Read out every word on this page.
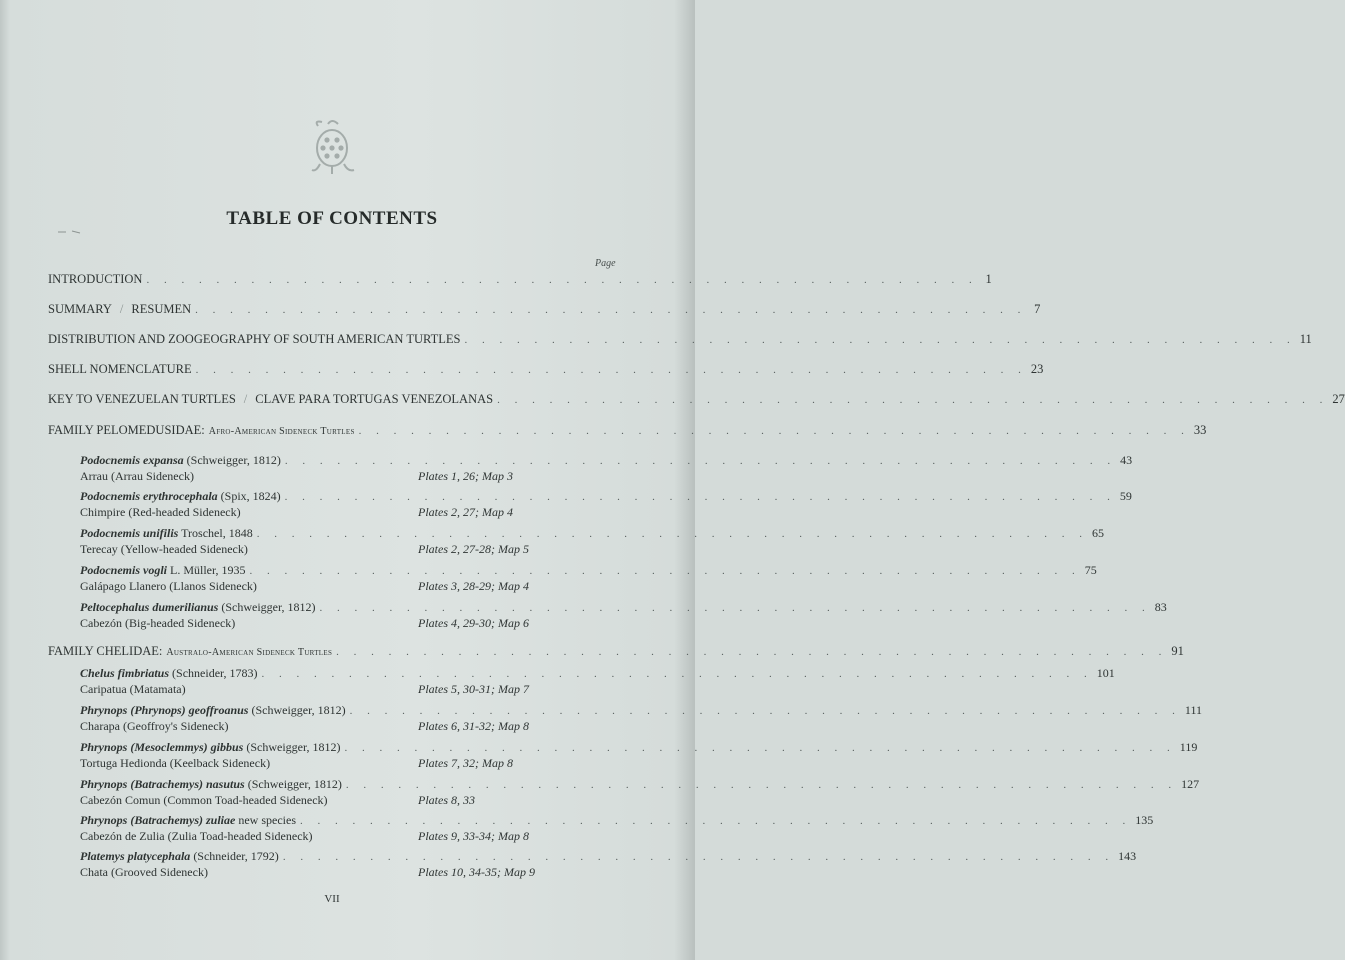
TABLE OF CONTENTS
Page
INTRODUCTION . . . . . . . . . . . . . . . . . . . . . . . . . . . . . . . . . . . . . . . . . . . . . . . . 1
SUMMARY / RESUMEN . . . . . . . . . . . . . . . . . . . . . . . . . . . . . . . . . . . . . . . . . . . . . . . . 7
DISTRIBUTION AND ZOOGEOGRAPHY OF SOUTH AMERICAN TURTLES . . . . . . . . . . . . . . . . . . . . . . . . . . . . . . . . . . . . . . . . . . . . . . . . 11
SHELL NOMENCLATURE . . . . . . . . . . . . . . . . . . . . . . . . . . . . . . . . . . . . . . . . . . . . . . . . 23
KEY TO VENEZUELAN TURTLES / CLAVE PARA TORTUGAS VENEZOLANAS . . . . . . . . . . . . . . . . . . . . . . . . . . . . . . . . . . . . . . . . . . . . . . . . 27
FAMILY PELOMEDUSIDAE: Afro-American Sideneck Turtles . . . . . . . . . . . . . . . . . . . . . . . . . . . . . . . . . . . . . . . . . . . . . . . . 33
Podocnemis expansa (Schweigger, 1812) . . . . . . . . . . . . . . . . . . . . . . . . . . . . . . . . . . . . . . . . . . . . . . . . 43
Arrau (Arrau Sideneck)	Plates 1, 26; Map 3
Podocnemis erythrocephala (Spix, 1824) . . . . . . . . . . . . . . . . . . . . . . . . . . . . . . . . . . . . . . . . . . . . . . . . 59
Chimpire (Red-headed Sideneck)	Plates 2, 27; Map 4
Podocnemis unifilis Troschel, 1848 . . . . . . . . . . . . . . . . . . . . . . . . . . . . . . . . . . . . . . . . . . . . . . . . 65
Terecay (Yellow-headed Sideneck)	Plates 2, 27-28; Map 5
Podocnemis vogli L. Müller, 1935 . . . . . . . . . . . . . . . . . . . . . . . . . . . . . . . . . . . . . . . . . . . . . . . . 75
Galápago Llanero (Llanos Sideneck)	Plates 3, 28-29; Map 4
Peltocephalus dumerilianus (Schweigger, 1812) . . . . . . . . . . . . . . . . . . . . . . . . . . . . . . . . . . . . . . . . . . . . . . . . 83
Cabezón (Big-headed Sideneck)	Plates 4, 29-30; Map 6
FAMILY CHELIDAE: Australo-American Sideneck Turtles . . . . . . . . . . . . . . . . . . . . . . . . . . . . . . . . . . . . . . . . . . . . . . . . 91
Chelus fimbriatus (Schneider, 1783) . . . . . . . . . . . . . . . . . . . . . . . . . . . . . . . . . . . . . . . . . . . . . . . . 101
Caripatua (Matamata)	Plates 5, 30-31; Map 7
Phrynops (Phrynops) geoffroanus (Schweigger, 1812) . . . . . . . . . . . . . . . . . . . . . . . . . . . . . . . . . . . . . . . . . . . . . . . . 111
Charapa (Geoffroy's Sideneck)	Plates 6, 31-32; Map 8
Phrynops (Mesoclemmys) gibbus (Schweigger, 1812) . . . . . . . . . . . . . . . . . . . . . . . . . . . . . . . . . . . . . . . . . . . . . . . . 119
Tortuga Hedionda (Keelback Sideneck)	Plates 7, 32; Map 8
Phrynops (Batrachemys) nasutus (Schweigger, 1812) . . . . . . . . . . . . . . . . . . . . . . . . . . . . . . . . . . . . . . . . . . . . . . . . 127
Cabezón Comun (Common Toad-headed Sideneck)	Plates 8, 33
Phrynops (Batrachemys) zuliae new species . . . . . . . . . . . . . . . . . . . . . . . . . . . . . . . . . . . . . . . . . . . . . . . . 135
Cabezón de Zulia (Zulia Toad-headed Sideneck)	Plates 9, 33-34; Map 8
Platemys platycephala (Schneider, 1792) . . . . . . . . . . . . . . . . . . . . . . . . . . . . . . . . . . . . . . . . . . . . . . . . 143
Chata (Grooved Sideneck)	Plates 10, 34-35; Map 9
VII
